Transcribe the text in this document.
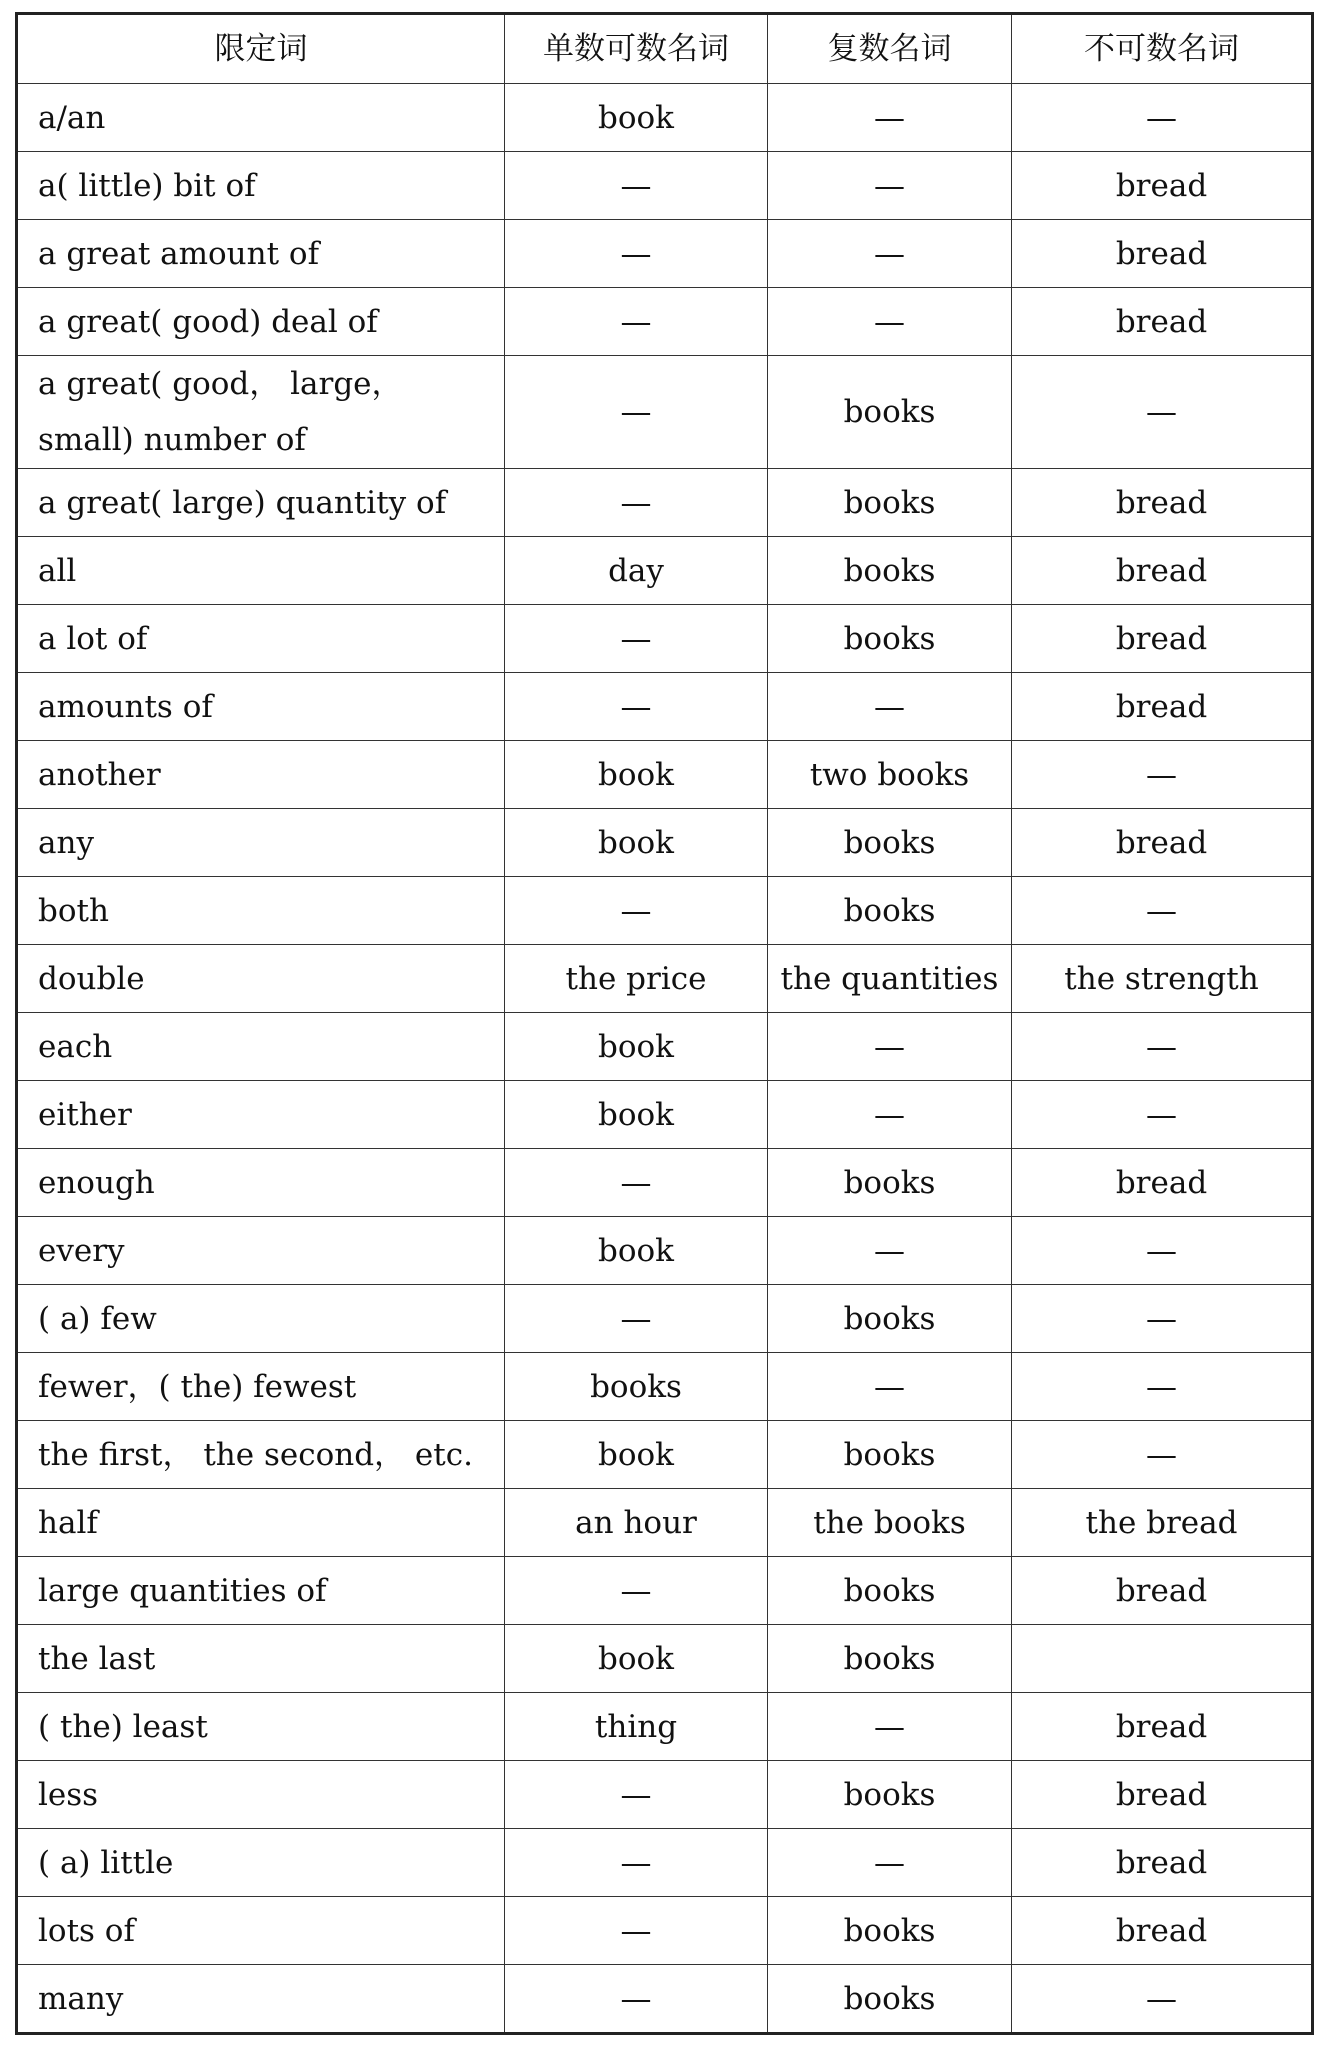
限定词	单数可数名词	复数名词	不可数名词
a/an	book	—	—
a( little) bit of	—	—	bread
a great amount of	—	—	bread
a great( good) deal of	—	—	bread
a great( good， large， small) number of	—	books	—
a great( large) quantity of	—	books	bread
all	day	books	bread
a lot of	—	books	bread
amounts of	—	—	bread
another	book	two books	—
any	book	books	bread
both	—	books	—
double	the price	the quantities	the strength
each	book	—	—
either	book	—	—
enough	—	books	bread
every	book	—	—
( a) few	—	books	—
fewer，( the) fewest	books	—	—
the first， the second， etc.	book	books	—
half	an hour	the books	the bread
large quantities of	—	books	bread
the last	book	books	
( the) least	thing	—	bread
less	—	books	bread
( a) little	—	—	bread
lots of	—	books	bread
many	—	books	—
